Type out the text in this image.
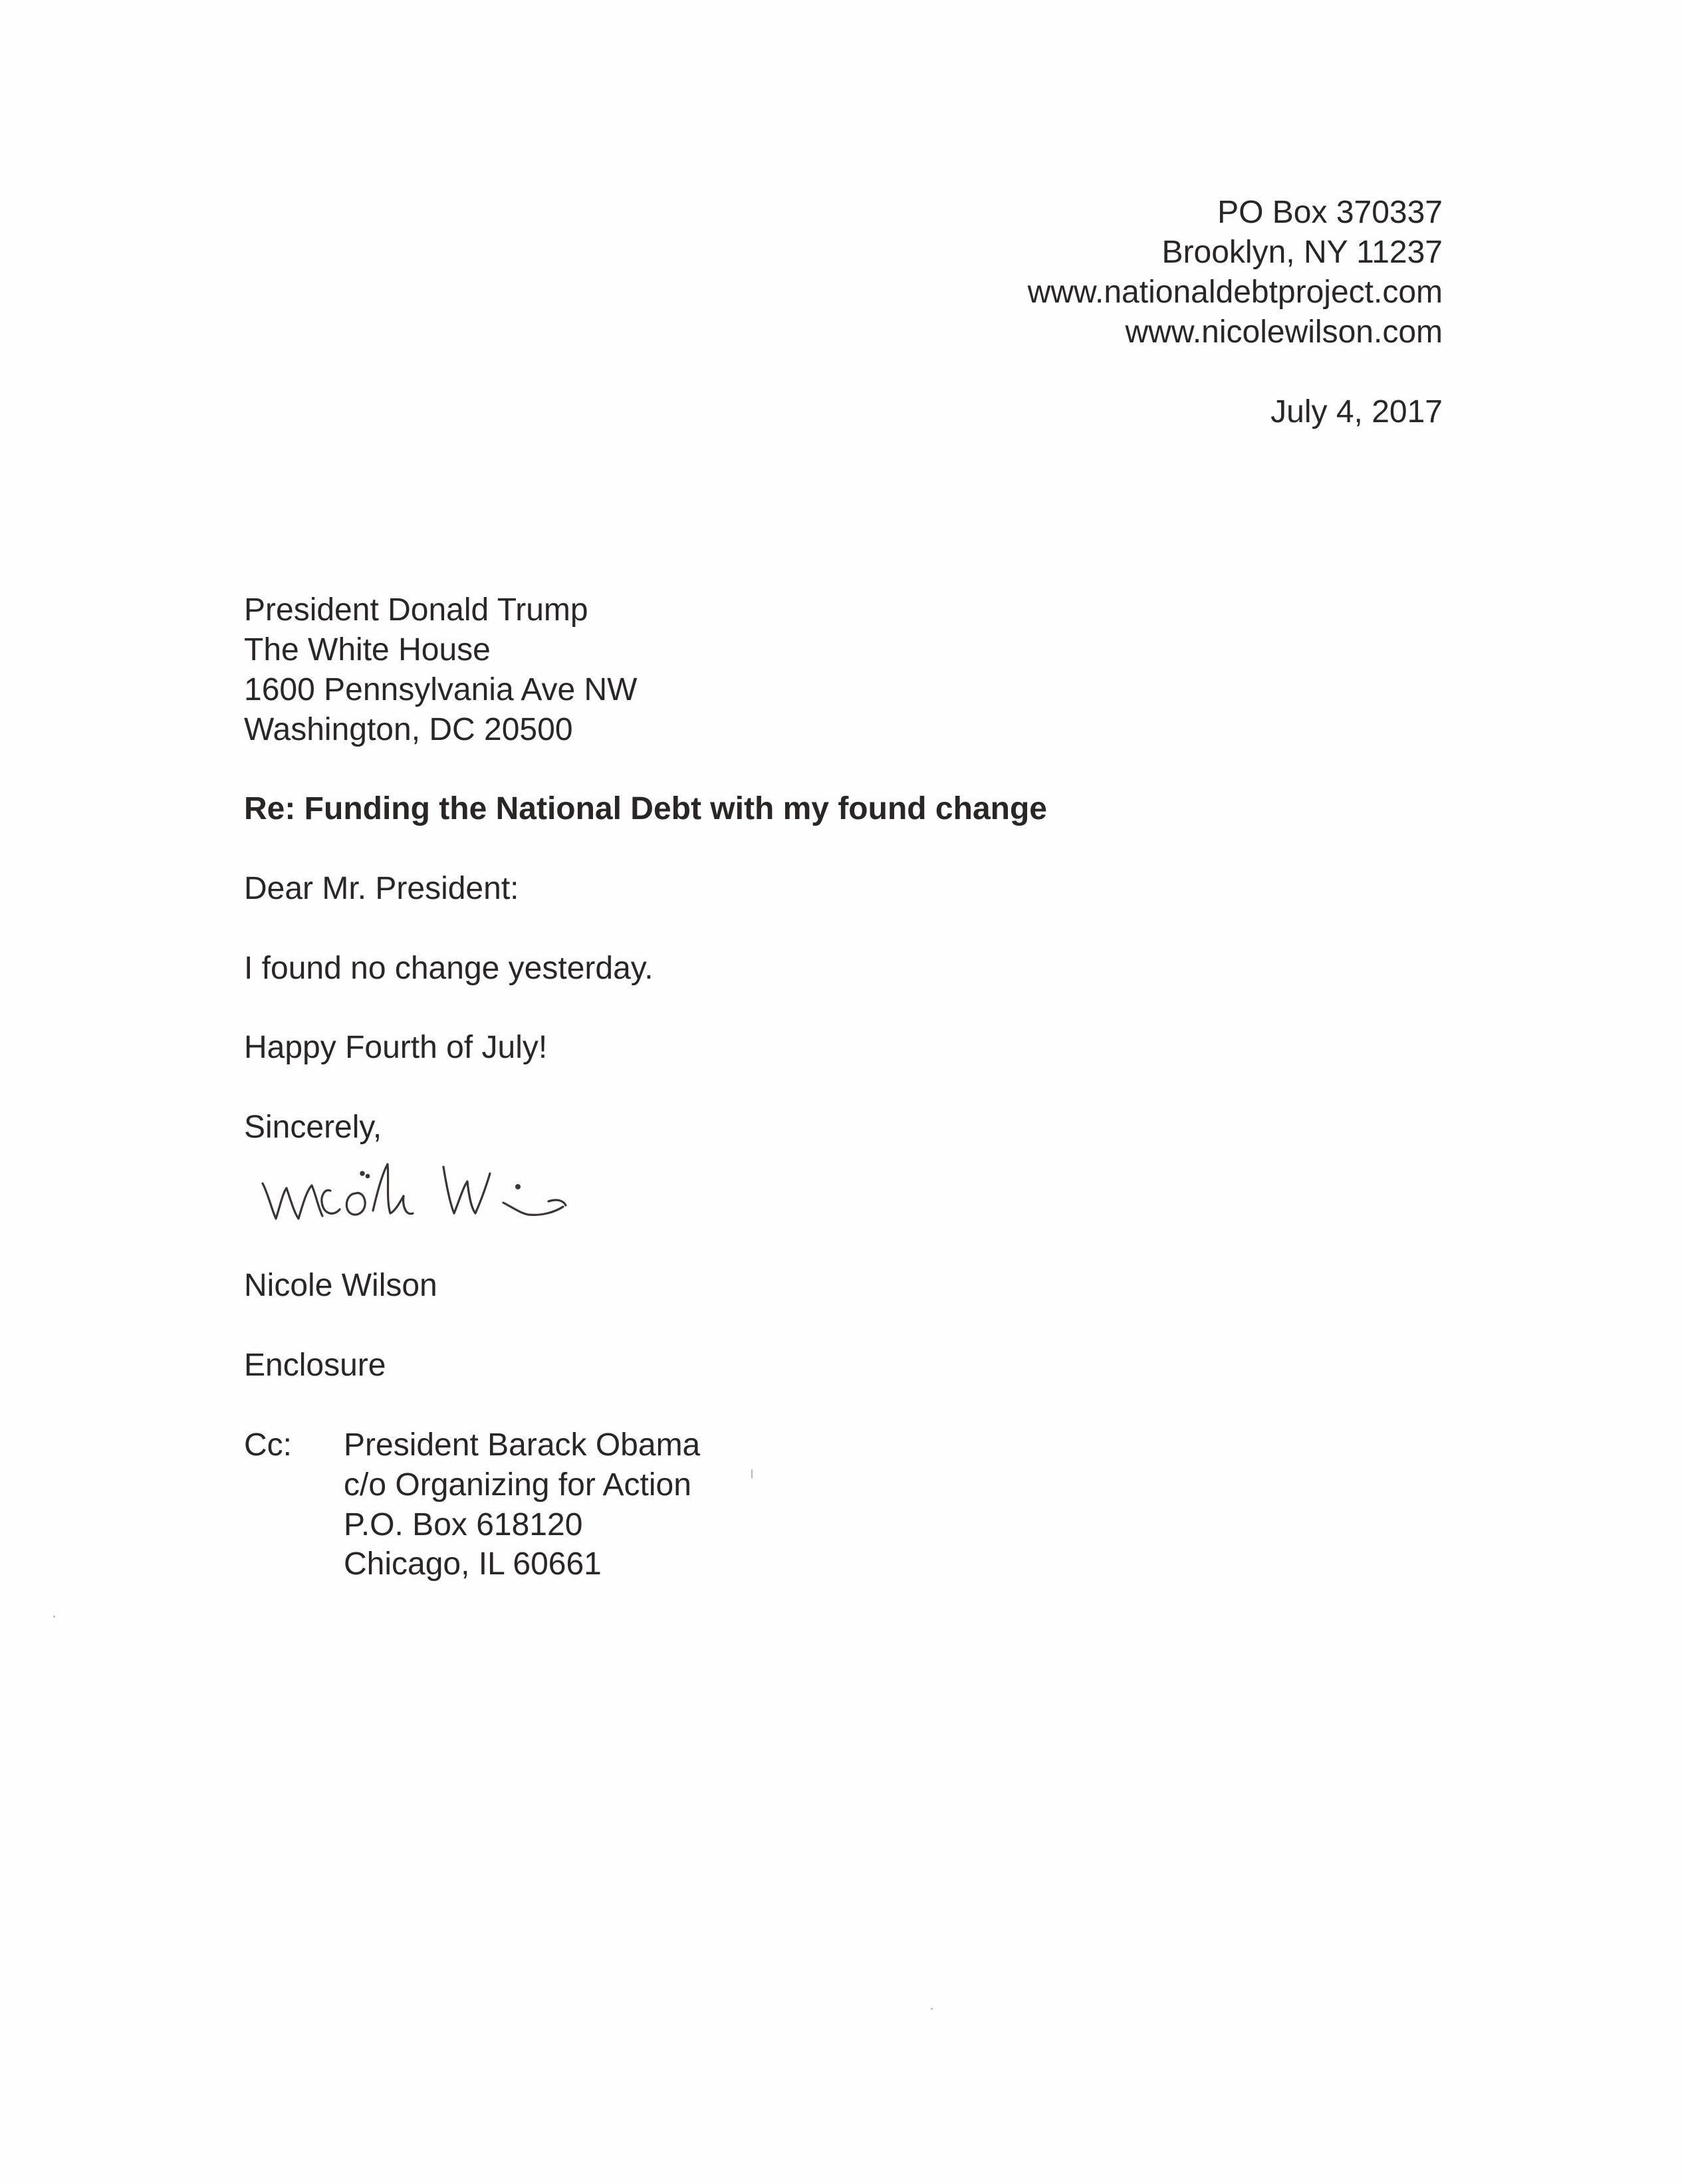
PO Box 370337
Brooklyn, NY 11237
www.nationaldebtproject.com
www.nicolewilson.com
July 4, 2017
President Donald Trump
The White House
1600 Pennsylvania Ave NW
Washington, DC 20500
Re: Funding the National Debt with my found change
Dear Mr. President:
I found no change yesterday.
Happy Fourth of July!
Sincerely,
Nicole Wilson
Enclosure
Cc: President Barack Obama
c/o Organizing for Action
P.O. Box 618120
Chicago, IL 60661
